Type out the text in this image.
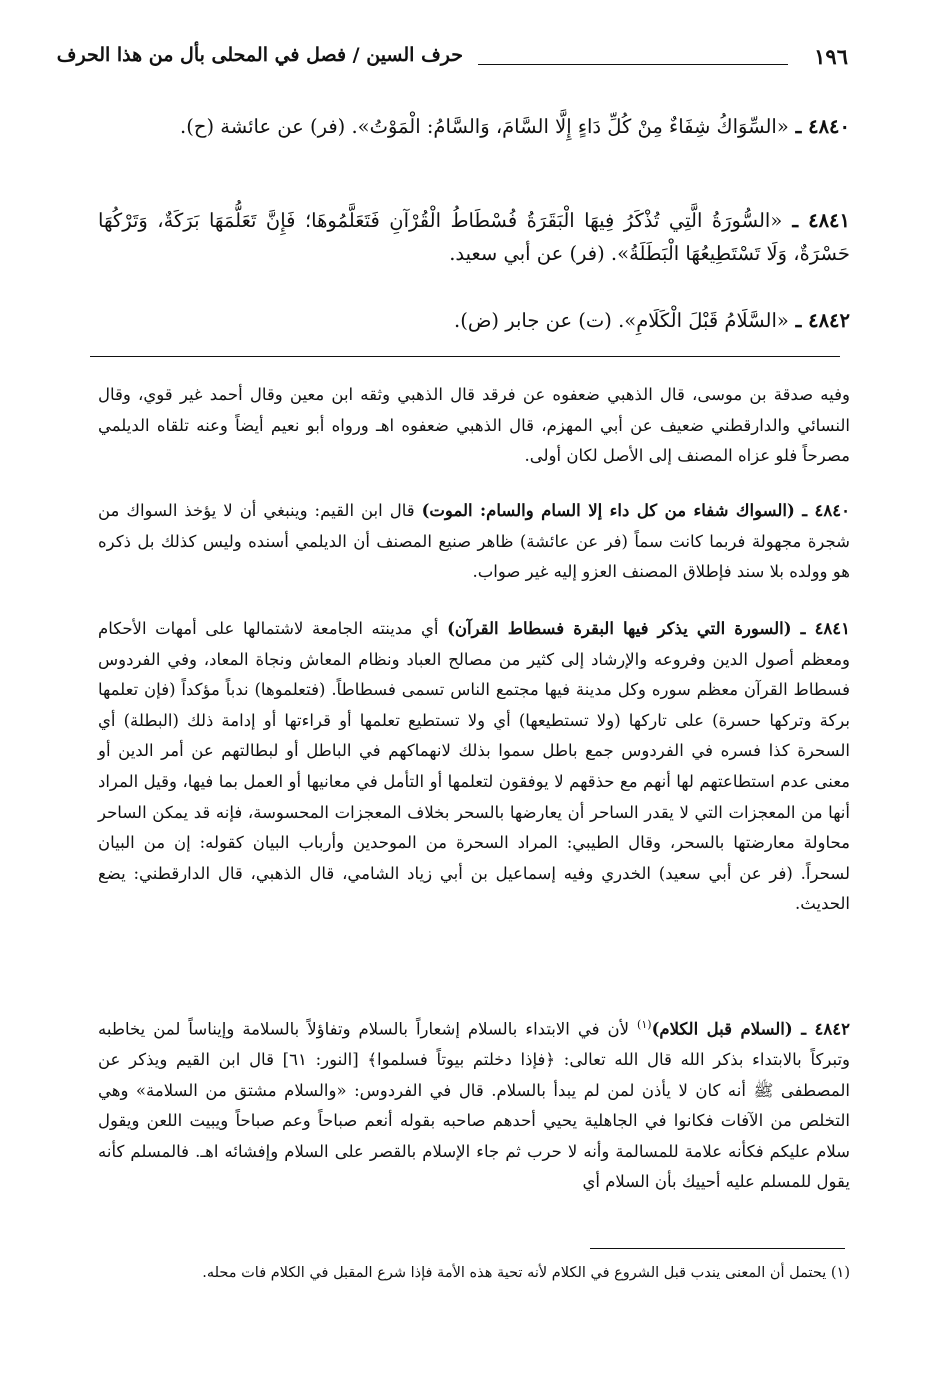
١٩٦
حرف السين / فصل في المحلى بأل من هذا الحرف

٤٨٤٠ ـ «السِّوَاكُ شِفَاءٌ مِنْ كُلِّ دَاءٍ إِلَّا السَّامَ، وَالسَّامُ: الْمَوْتُ». (فر) عن عائشة (ح).

٤٨٤١ ـ «السُّورَةُ الَّتِي تُذْكَرُ فِيهَا الْبَقَرَةُ فُسْطَاطُ الْقُرْآنِ فَتَعَلَّمُوهَا؛ فَإِنَّ تَعَلُّمَهَا بَرَكَةٌ، وَتَرْكُهَا حَسْرَةٌ، وَلَا تَسْتَطِيعُهَا الْبَطَلَةُ». (فر) عن أبي سعيد.

٤٨٤٢ ـ «السَّلَامُ قَبْلَ الْكَلَامِ». (ت) عن جابر (ض).

وفيه صدقة بن موسى، قال الذهبي ضعفوه عن فرقد قال الذهبي وثقه ابن معين وقال أحمد غير قوي، وقال النسائي والدارقطني ضعيف عن أبي المهزم، قال الذهبي ضعفوه اهـ ورواه أبو نعيم أيضاً وعنه تلقاه الديلمي مصرحاً فلو عزاه المصنف إلى الأصل لكان أولى.

٤٨٤٠ ـ (السواك شفاء من كل داء إلا السام والسام: الموت) قال ابن القيم: وينبغي أن لا يؤخذ السواك من شجرة مجهولة فربما كانت سماً (فر عن عائشة) ظاهر صنيع المصنف أن الديلمي أسنده وليس كذلك بل ذكره هو وولده بلا سند فإطلاق المصنف العزو إليه غير صواب.

٤٨٤١ ـ (السورة التي يذكر فيها البقرة فسطاط القرآن) أي مدينته الجامعة لاشتمالها على أمهات الأحكام ومعظم أصول الدين وفروعه والإرشاد إلى كثير من مصالح العباد ونظام المعاش ونجاة المعاد، وفي الفردوس فسطاط القرآن معظم سوره وكل مدينة فيها مجتمع الناس تسمى فسطاطاً. (فتعلموها) ندباً مؤكداً (فإن تعلمها بركة وتركها حسرة) على تاركها (ولا تستطيعها) أي ولا تستطيع تعلمها أو قراءتها أو إدامة ذلك (البطلة) أي السحرة كذا فسره في الفردوس جمع باطل سموا بذلك لانهماكهم في الباطل أو لبطالتهم عن أمر الدين أو معنى عدم استطاعتهم لها أنهم مع حذقهم لا يوفقون لتعلمها أو التأمل في معانيها أو العمل بما فيها، وقيل المراد أنها من المعجزات التي لا يقدر الساحر أن يعارضها بالسحر بخلاف المعجزات المحسوسة، فإنه قد يمكن الساحر محاولة معارضتها بالسحر، وقال الطيبي: المراد السحرة من الموحدين وأرباب البيان كقوله: إن من البيان لسحراً. (فر عن أبي سعيد) الخدري وفيه إسماعيل بن أبي زياد الشامي، قال الذهبي، قال الدارقطني: يضع الحديث.

٤٨٤٢ ـ (السلام قبل الكلام)$^{(١)}$ لأن في الابتداء بالسلام إشعاراً بالسلام وتفاؤلاً بالسلامة وإيناساً لمن يخاطبه وتبركاً بالابتداء بذكر الله قال الله تعالى: ﴿فإذا دخلتم بيوتاً فسلموا﴾ [النور: ٦١] قال ابن القيم ويذكر عن المصطفى ﷺ أنه كان لا يأذن لمن لم يبدأ بالسلام. قال في الفردوس: «والسلام مشتق من السلامة» وهي التخلص من الآفات فكانوا في الجاهلية يحيي أحدهم صاحبه بقوله أنعم صباحاً وعم صباحاً ويبيت اللعن ويقول سلام عليكم فكأنه علامة للمسالمة وأنه لا حرب ثم جاء الإسلام بالقصر على السلام وإفشائه اهـ. فالمسلم كأنه يقول للمسلم عليه أحييك بأن السلام أي

(١) يحتمل أن المعنى يندب قبل الشروع في الكلام لأنه تحية هذه الأمة فإذا شرع المقبل في الكلام فات محله.
